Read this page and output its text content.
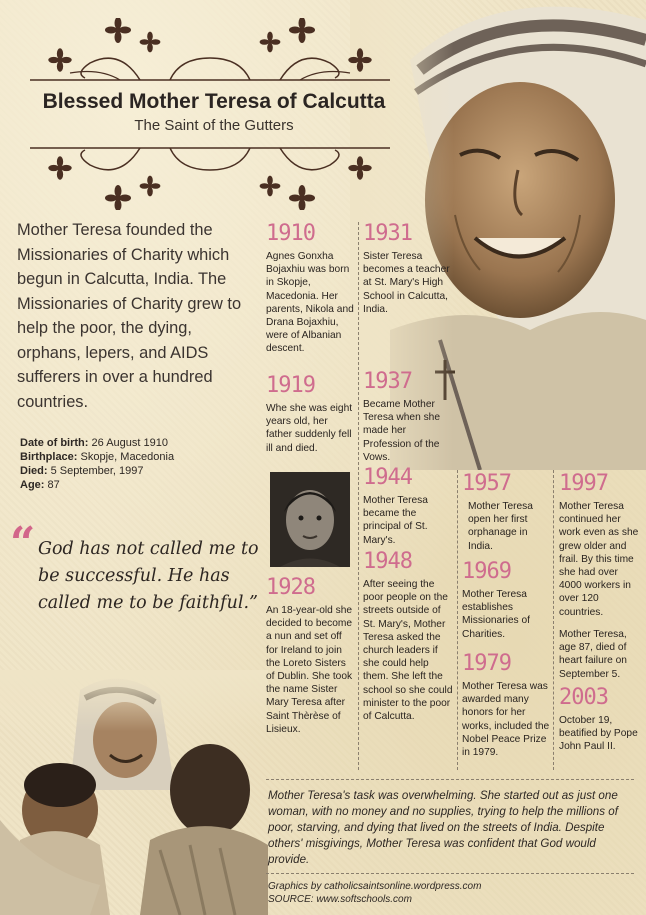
Blessed Mother Teresa of Calcutta
The Saint of the Gutters
Mother Teresa founded the Missionaries of Charity which begun in Calcutta, India. The Missionaries of Charity grew to help the poor, the dying, orphans, lepers, and AIDS sufferers in over a hundred countries.
Date of birth: 26 August 1910
Birthplace: Skopje, Macedonia
Died: 5 September, 1997
Age: 87
“ God has not called me to be successful. He has called me to be faithful.”
1910
Agnes Gonxha Bojaxhiu was born in Skopje, Macedonia. Her parents, Nikola and Drana Bojaxhiu, were of Albanian descent.
1919
Whe she was eight years old, her father suddenly fell ill and died.
1928
An 18-year-old she decided to become a nun and set off for Ireland to join the Loreto Sisters of Dublin. She took the name Sister Mary Teresa after Saint Thèrèse of Lisieux.
1931
Sister Teresa becomes a teacher at St. Mary's High School in Calcutta, India.
1937
Became Mother Teresa when she made her Profession of the Vows.
1944
Mother Teresa became the principal of St. Mary's.
1948
After seeing the poor people on the streets outside of St. Mary's, Mother Teresa asked the church leaders if she could help them. She left the school so she could minister to the poor of Calcutta.
1957
Mother Teresa open her first orphanage in India.
1969
Mother Teresa establishes Missionaries of Charities.
1979
Mother Teresa was awarded many honors for her works, included the Nobel Peace Prize in 1979.
1997
Mother Teresa continued her work even as she grew older and frail. By this time she had over 4000 workers in over 120 countries.
Mother Teresa, age 87, died of heart failure on September 5.
2003
October 19, beatified by Pope John Paul II.
Mother Teresa's task was overwhelming. She started out as just one woman, with no money and no supplies, trying to help the millions of poor, starving, and dying that lived on the streets of India. Despite others' misgivings, Mother Teresa was confident that God would provide.
Graphics by catholicsaintsonline.wordpress.com
SOURCE: www.softschools.com
